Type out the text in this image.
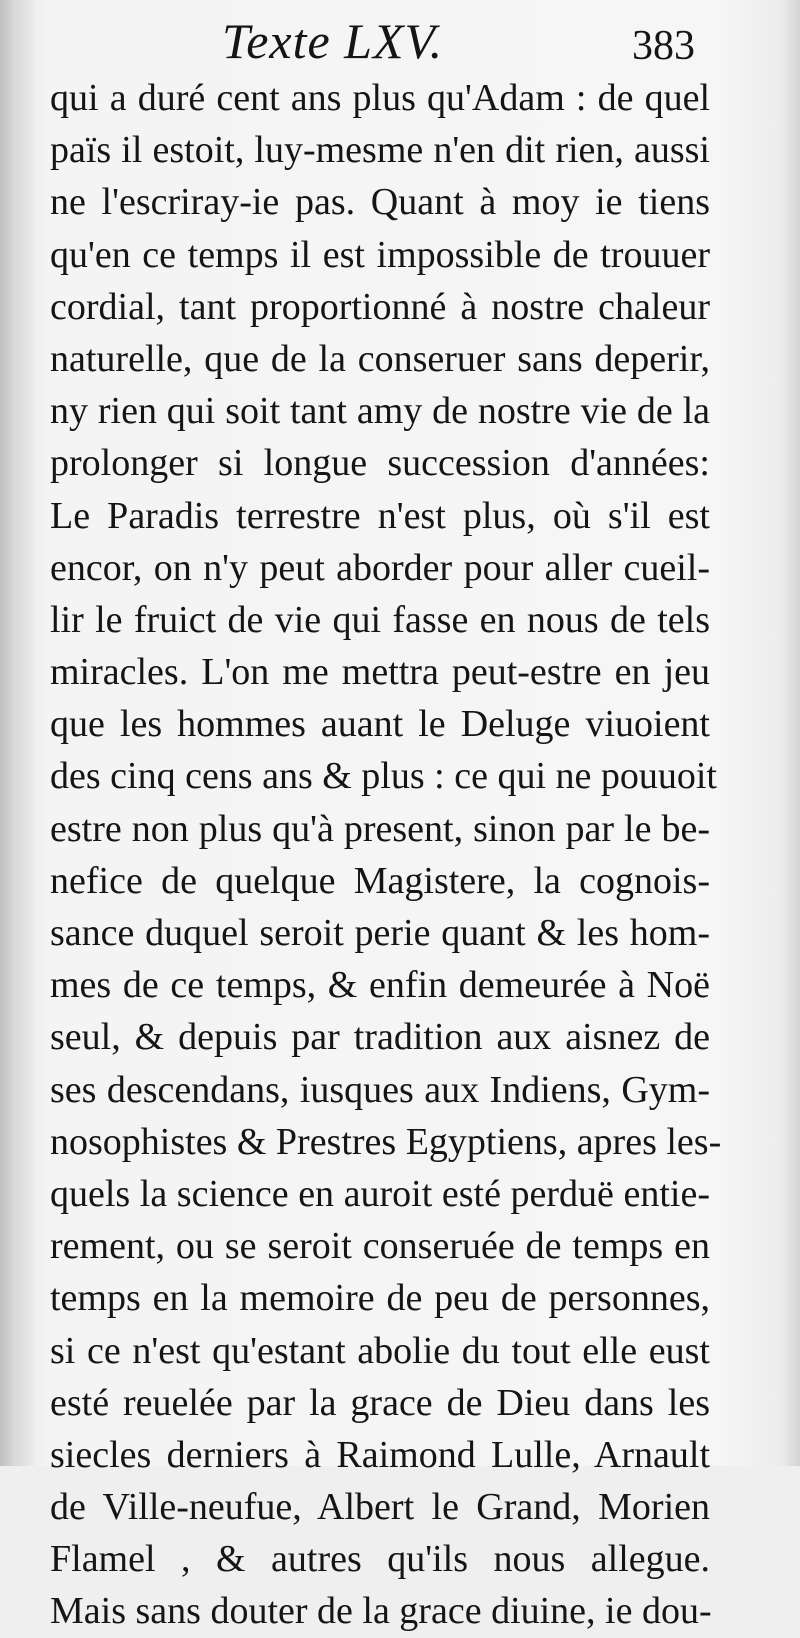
Texte LXV.	383
qui a duré cent ans plus qu'Adam : de quel
païs il estoit, luy-mesme n'en dit rien, aussi
ne l'escriray-ie pas. Quant à moy ie tiens
qu'en ce temps il est impossible de trouuer
cordial, tant proportionné à nostre chaleur
naturelle, que de la conseruer sans deperir,
ny rien qui soit tant amy de nostre vie de la
prolonger si longue succession d'années:
Le Paradis terrestre n'est plus, où s'il est
encor, on n'y peut aborder pour aller cueil-
lir le fruict de vie qui fasse en nous de tels
miracles. L'on me mettra peut-estre en jeu
que les hommes auant le Deluge viuoient
des cinq cens ans & plus : ce qui ne pouuoit
estre non plus qu'à present, sinon par le be-
nefice de quelque Magistere, la cognois-
sance duquel seroit perie quant & les hom-
mes de ce temps, & enfin demeurée à Noë
seul, & depuis par tradition aux aisnez de
ses descendans, iusques aux Indiens, Gym-
nosophistes & Prestres Egyptiens, apres les-
quels la science en auroit esté perduë entie-
rement, ou se seroit conseruée de temps en
temps en la memoire de peu de personnes,
si ce n'est qu'estant abolie du tout elle eust
esté reuelée par la grace de Dieu dans les
siecles derniers à Raimond Lulle, Arnault
de Ville-neufue, Albert le Grand, Morien
Flamel , & autres qu'ils nous allegue.
Mais sans douter de la grace diuine, ie dou-
